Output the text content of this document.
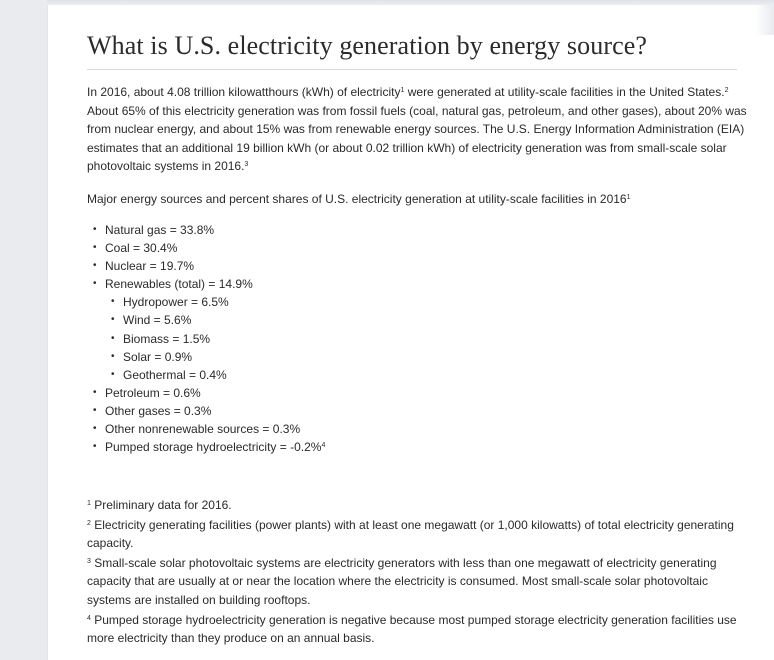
What is U.S. electricity generation by energy source?

In 2016, about 4.08 trillion kilowatthours (kWh) of electricity$^1$ were generated at utility-scale facilities in the United States.$^2$ About 65% of this electricity generation was from fossil fuels (coal, natural gas, petroleum, and other gases), about 20% was from nuclear energy, and about 15% was from renewable energy sources. The U.S. Energy Information Administration (EIA) estimates that an additional 19 billion kWh (or about 0.02 trillion kWh) of electricity generation was from small-scale solar photovoltaic systems in 2016.$^3$

Major energy sources and percent shares of U.S. electricity generation at utility-scale facilities in 2016$^1$

• Natural gas = 33.8%
• Coal = 30.4%
• Nuclear = 19.7%
• Renewables (total) = 14.9%
• Hydropower = 6.5%
• Wind = 5.6%
• Biomass = 1.5%
• Solar = 0.9%
• Geothermal = 0.4%
• Petroleum = 0.6%
• Other gases = 0.3%
• Other nonrenewable sources = 0.3%
• Pumped storage hydroelectricity = -0.2%$^4$

$^1$ Preliminary data for 2016.

$^2$ Electricity generating facilities (power plants) with at least one megawatt (or 1,000 kilowatts) of total electricity generating capacity.

$^3$ Small-scale solar photovoltaic systems are electricity generators with less than one megawatt of electricity generating capacity that are usually at or near the location where the electricity is consumed. Most small-scale solar photovoltaic systems are installed on building rooftops.

$^4$ Pumped storage hydroelectricity generation is negative because most pumped storage electricity generation facilities use more electricity than they produce on an annual basis.
